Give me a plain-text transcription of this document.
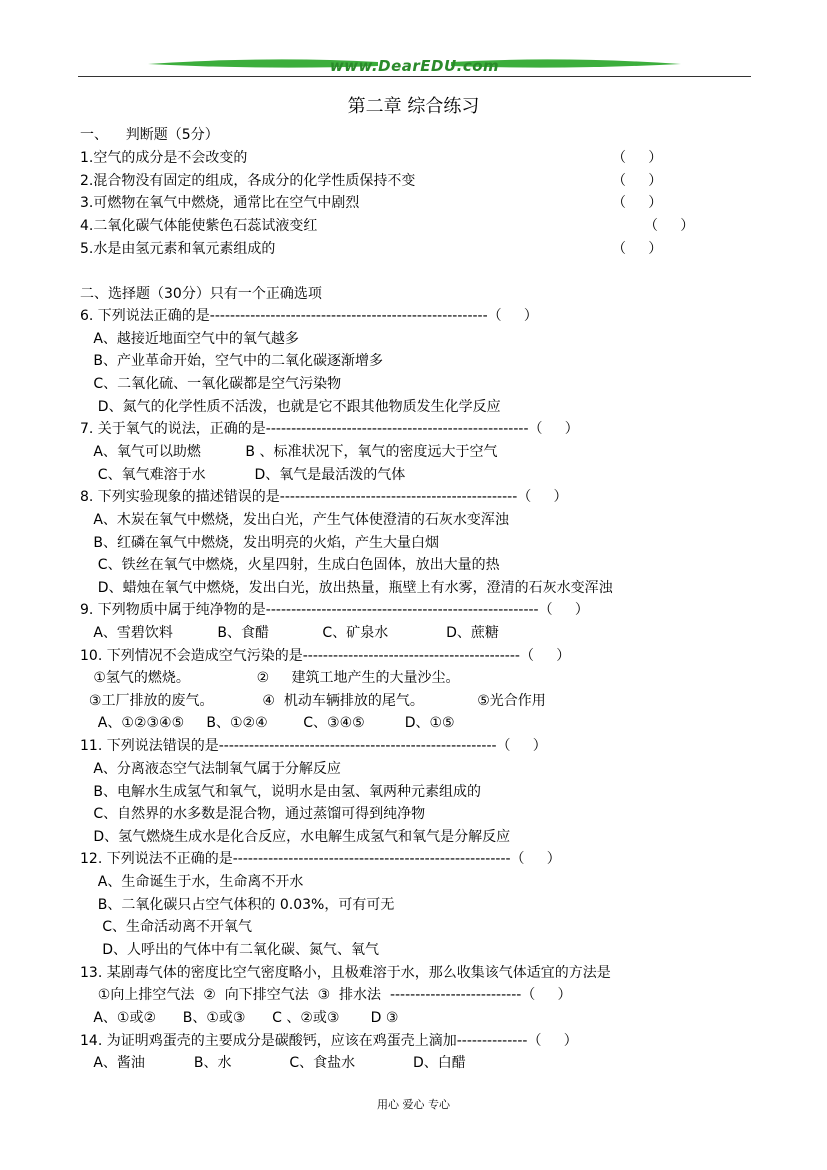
www.DearEDU.com
第二章 综合练习
一、    判断题（5分）
1.空气的成分是不会改变的	（     ）
2.混合物没有固定的组成，各成分的化学性质保持不变	（     ）
3.可燃物在氧气中燃烧，通常比在空气中剧烈	（     ）
4.二氧化碳气体能使紫色石蕊试液变红	（     ）
5.水是由氢元素和氧元素组成的	（     ）
二、选择题（30分）只有一个正确选项
6. 下列说法正确的是-------------------------------------------------------（     ）
A、越接近地面空气中的氧气越多
B、产业革命开始，空气中的二氧化碳逐渐增多
C、二氧化硫、一氧化碳都是空气污染物
D、氮气的化学性质不活泼，也就是它不跟其他物质发生化学反应
7. 关于氧气的说法，正确的是----------------------------------------------------（     ）
A、氧气可以助燃          B 、标准状况下，氧气的密度远大于空气
C、氧气难溶于水           D、氧气是最活泼的气体
8. 下列实验现象的描述错误的是-----------------------------------------------（     ）
A、木炭在氧气中燃烧，发出白光，产生气体使澄清的石灰水变浑浊
B、红磷在氧气中燃烧，发出明亮的火焰，产生大量白烟
C、铁丝在氧气中燃烧，火星四射，生成白色固体，放出大量的热
D、蜡烛在氧气中燃烧，发出白光，放出热量，瓶壁上有水雾，澄清的石灰水变浑浊
9. 下列物质中属于纯净物的是------------------------------------------------------（     ）
A、雪碧饮料          B、食醋            C、矿泉水             D、蔗糖
10. 下列情况不会造成空气污染的是-------------------------------------------（     ）
①氢气的燃烧。               ②     建筑工地产生的大量沙尘。
③工厂排放的废气。           ④  机动车辆排放的尾气。            ⑤光合作用
A、①②③④⑤     B、①②④        C、③④⑤         D、①⑤
11. 下列说法错误的是-------------------------------------------------------（     ）
A、分离液态空气法制氧气属于分解反应
B、电解水生成氢气和氧气，说明水是由氢、氧两种元素组成的
C、自然界的水多数是混合物，通过蒸馏可得到纯净物
D、氢气燃烧生成水是化合反应，水电解生成氢气和氧气是分解反应
12. 下列说法不正确的是-------------------------------------------------------（     ）
A、生命诞生于水，生命离不开水
B、二氧化碳只占空气体积的 0.03%，可有可无
C、生命活动离不开氧气
D、人呼出的气体中有二氧化碳、氮气、氧气
13. 某剧毒气体的密度比空气密度略小，且极难溶于水，那么收集该气体适宜的方法是
①向上排空气法  ②  向下排空气法  ③  排水法  --------------------------（     ）
A、①或②      B、①或③      C 、②或③       D ③
14. 为证明鸡蛋壳的主要成分是碳酸钙，应该在鸡蛋壳上滴加--------------（     ）
A、酱油           B、水             C、食盐水             D、白醋
用心 爱心 专心
